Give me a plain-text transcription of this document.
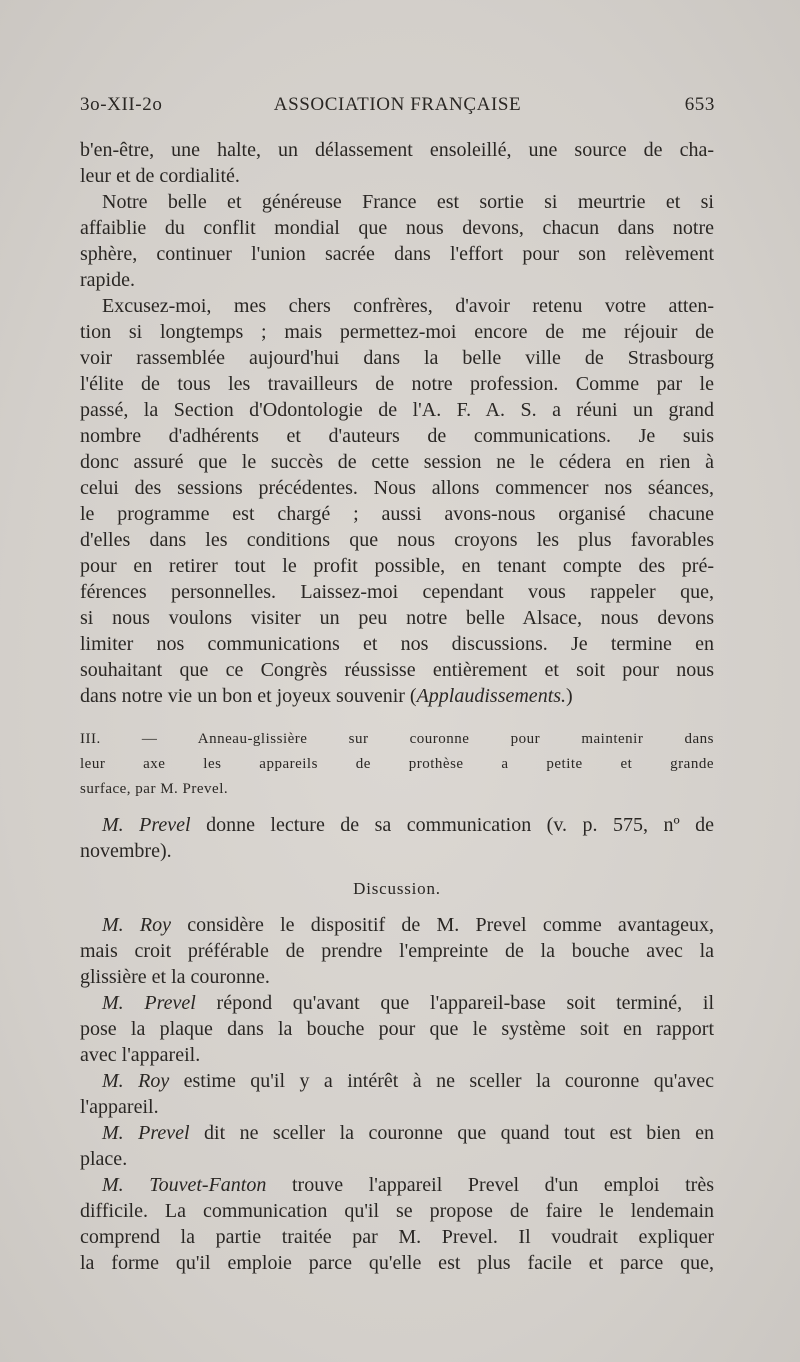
3o-XII-2o	ASSOCIATION FRANÇAISE	653
b'en-être, une halte, un délassement ensoleillé, une source de cha-
leur et de cordialité.
Notre belle et généreuse France est sortie si meurtrie et si
affaiblie du conflit mondial que nous devons, chacun dans notre
sphère, continuer l'union sacrée dans l'effort pour son relèvement
rapide.
Excusez-moi, mes chers confrères, d'avoir retenu votre atten-
tion si longtemps ; mais permettez-moi encore de me réjouir de
voir rassemblée aujourd'hui dans la belle ville de Strasbourg
l'élite de tous les travailleurs de notre profession. Comme par le
passé, la Section d'Odontologie de l'A. F. A. S. a réuni un grand
nombre d'adhérents et d'auteurs de communications. Je suis
donc assuré que le succès de cette session ne le cédera en rien à
celui des sessions précédentes. Nous allons commencer nos séances,
le programme est chargé ; aussi avons-nous organisé chacune
d'elles dans les conditions que nous croyons les plus favorables
pour en retirer tout le profit possible, en tenant compte des pré-
férences personnelles. Laissez-moi cependant vous rappeler que,
si nous voulons visiter un peu notre belle Alsace, nous devons
limiter nos communications et nos discussions. Je termine en
souhaitant que ce Congrès réussisse entièrement et soit pour nous
dans notre vie un bon et joyeux souvenir (Applaudissements.)
III. — Anneau-glissière sur couronne pour maintenir dans
leur axe les appareils de prothèse a petite et grande
surface, par M. Prevel.
M. Prevel donne lecture de sa communication (v. p. 575, nº de
novembre).
Discussion.
M. Roy considère le dispositif de M. Prevel comme avantageux,
mais croit préférable de prendre l'empreinte de la bouche avec la
glissière et la couronne.
M. Prevel répond qu'avant que l'appareil-base soit terminé, il
pose la plaque dans la bouche pour que le système soit en rapport
avec l'appareil.
M. Roy estime qu'il y a intérêt à ne sceller la couronne qu'avec
l'appareil.
M. Prevel dit ne sceller la couronne que quand tout est bien en
place.
M. Touvet-Fanton trouve l'appareil Prevel d'un emploi très
difficile. La communication qu'il se propose de faire le lendemain
comprend la partie traitée par M. Prevel. Il voudrait expliquer
la forme qu'il emploie parce qu'elle est plus facile et parce que,
